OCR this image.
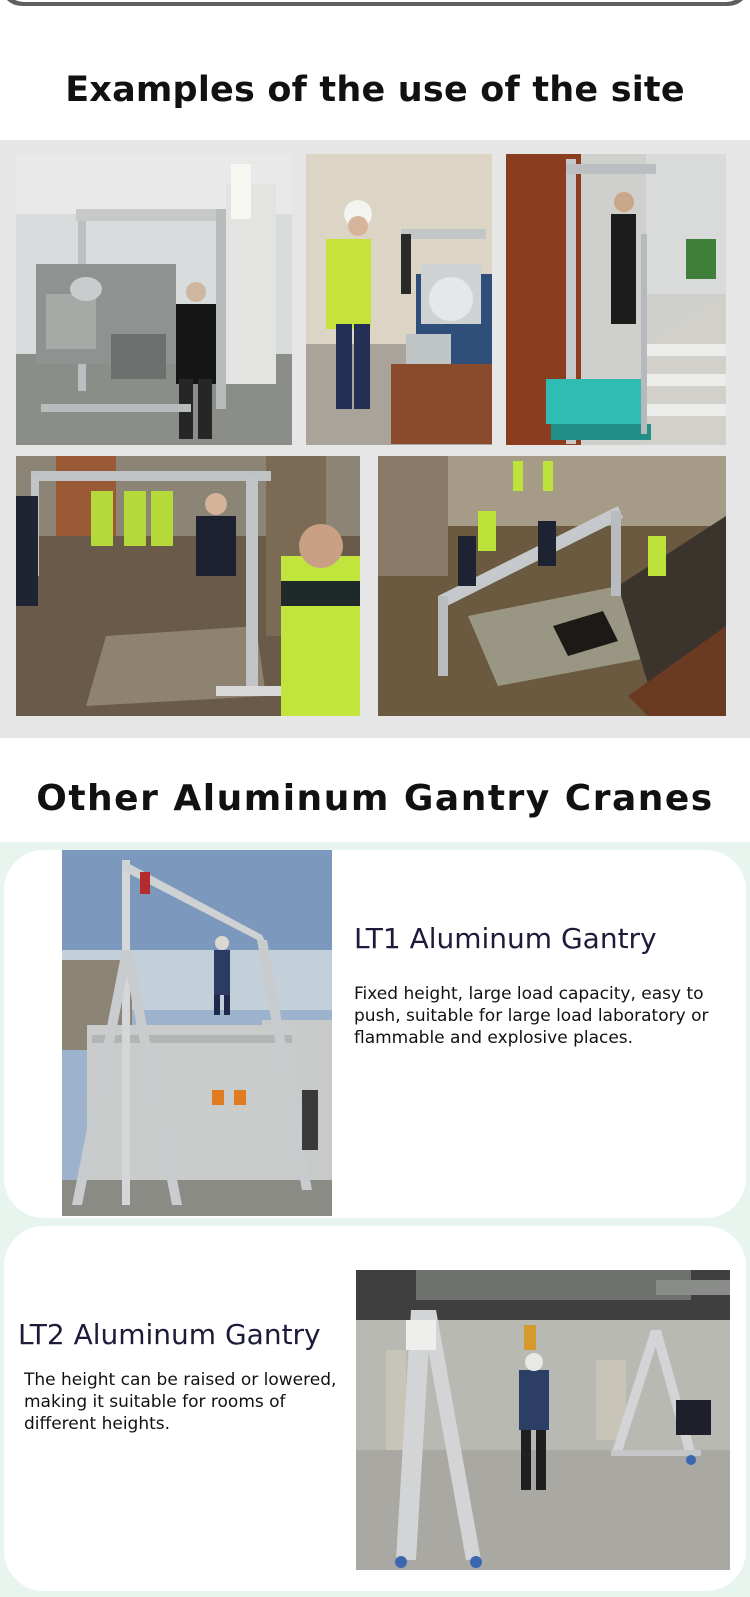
Examples of the use of the site
Other Aluminum Gantry Cranes
LT1 Aluminum Gantry
Fixed height, large load capacity, easy to push, suitable for large load laboratory or flammable and explosive places.
LT2 Aluminum Gantry
The height can be raised or lowered, making it suitable for rooms of different heights.
